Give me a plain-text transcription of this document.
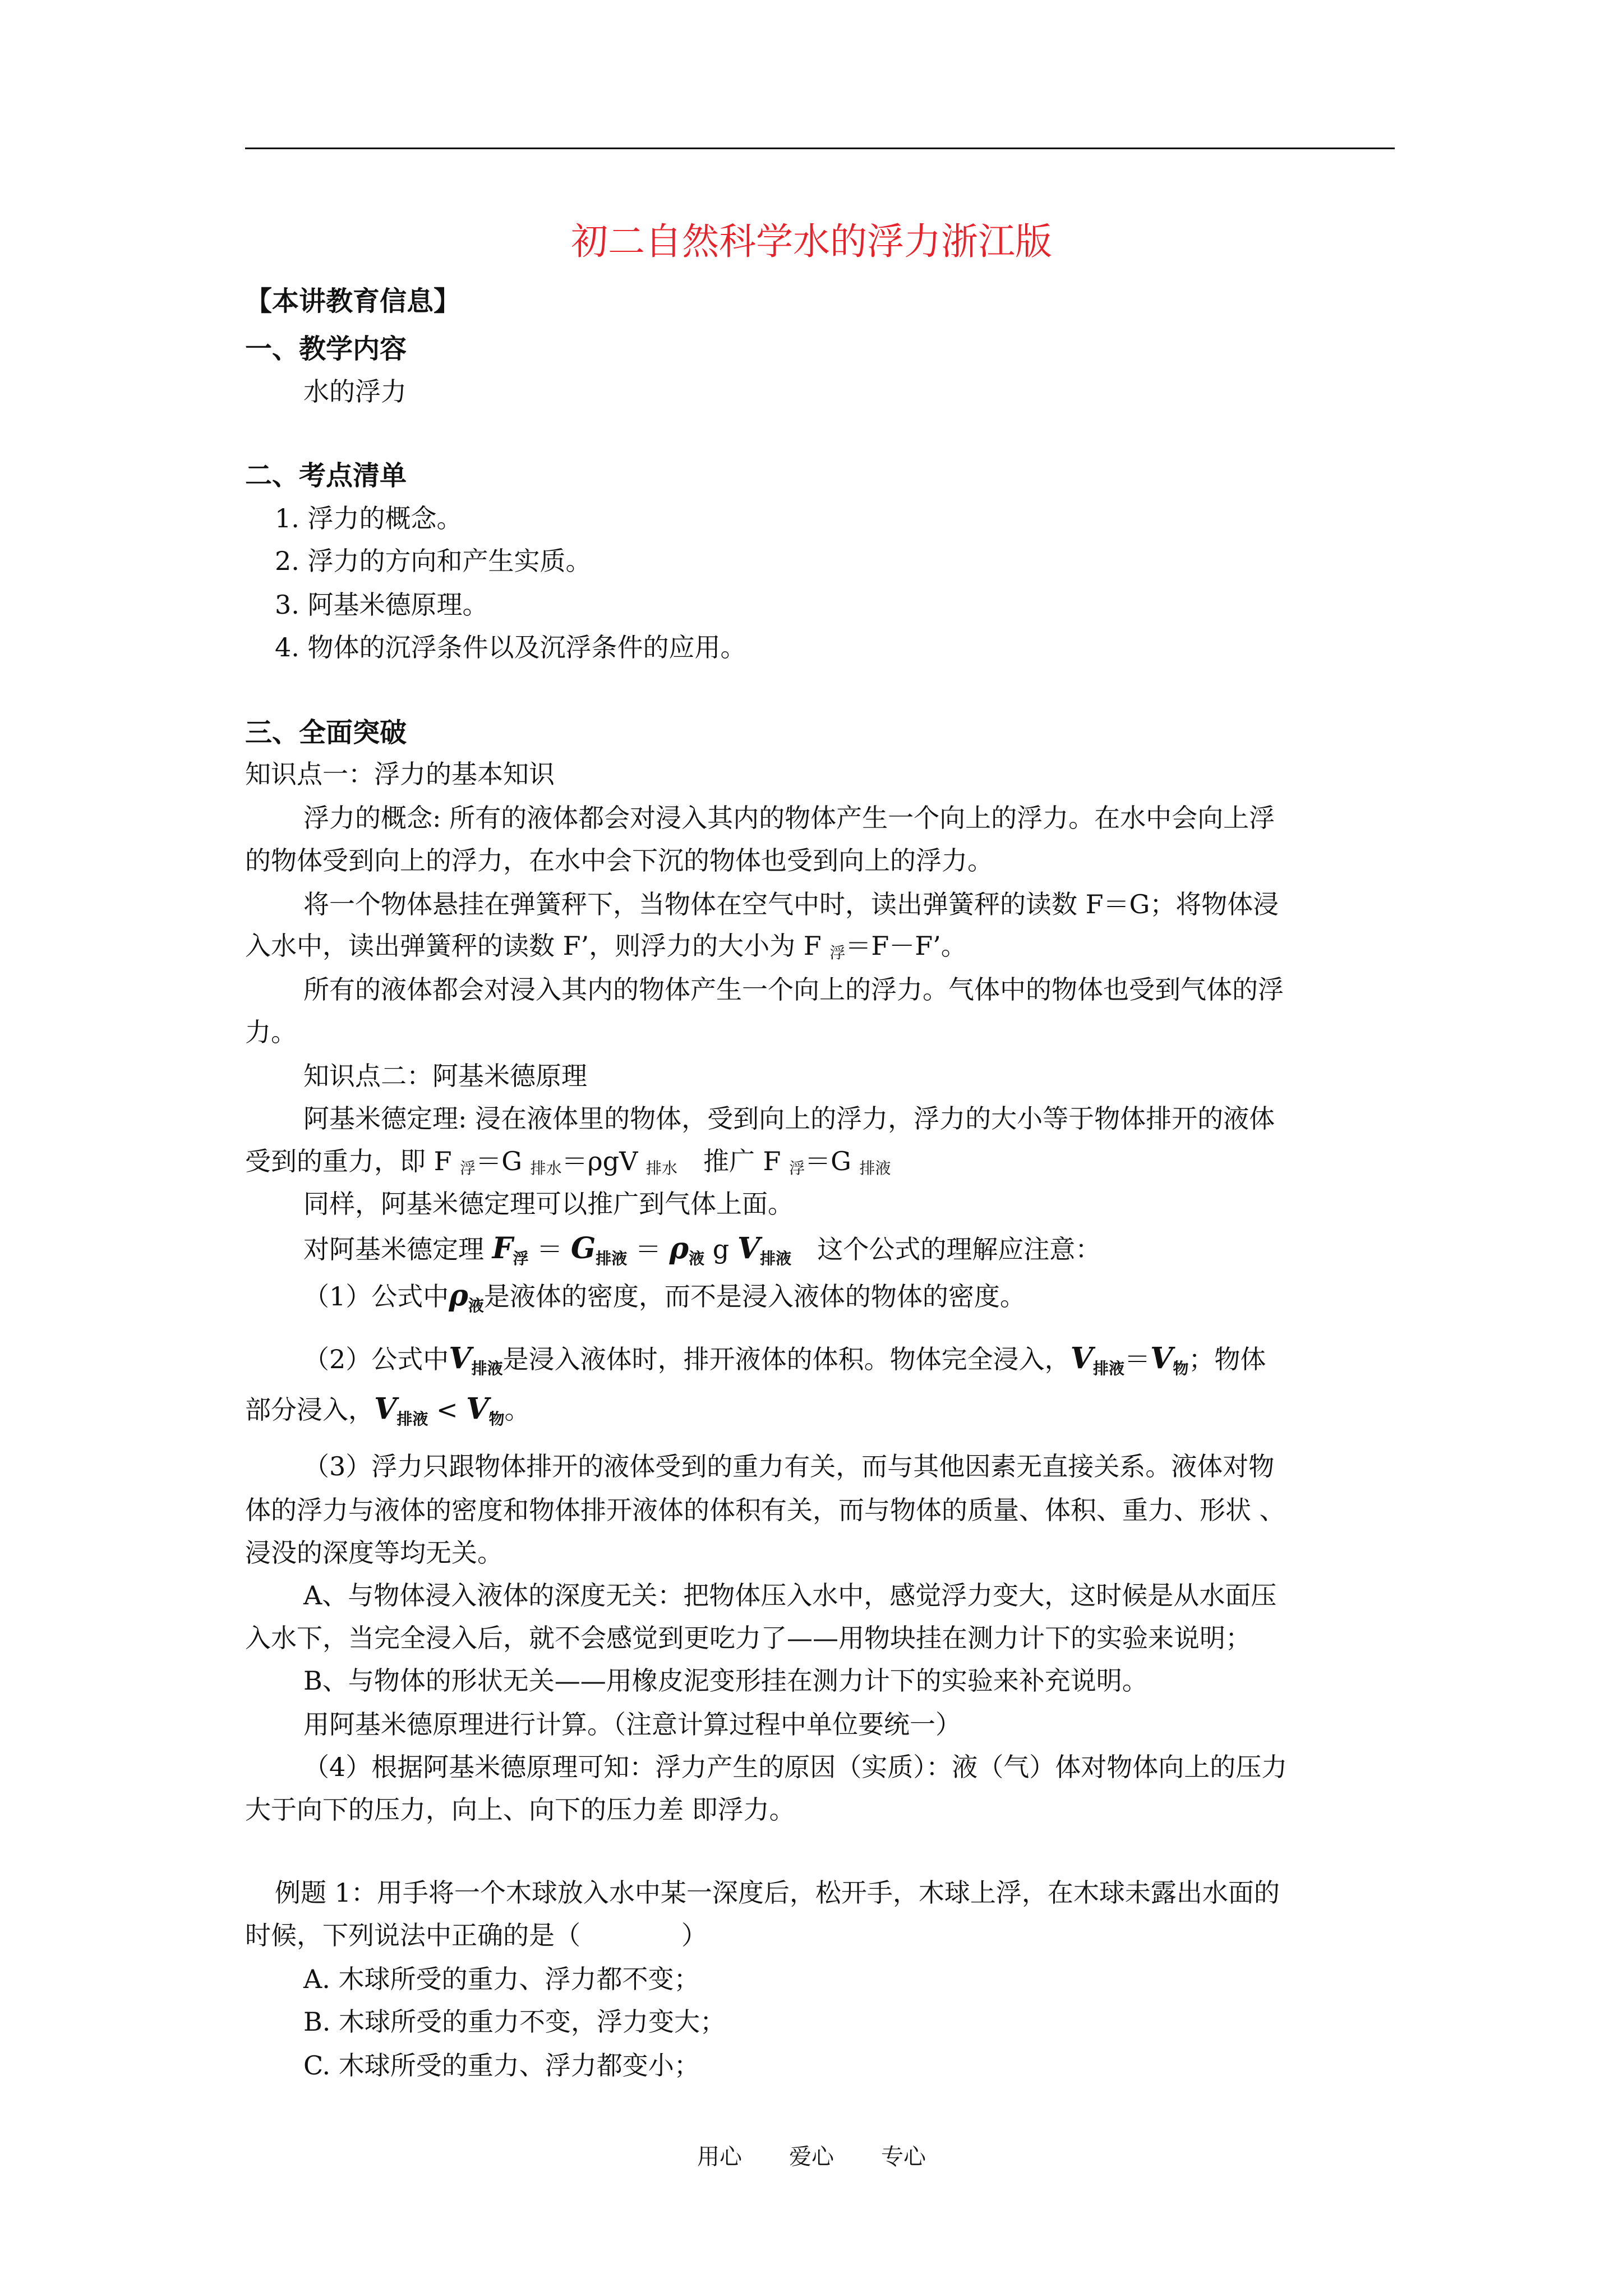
初二自然科学水的浮力浙江版
【本讲教育信息】
一、教学内容
水的浮力
二、考点清单
1. 浮力的概念。
2. 浮力的方向和产生实质。
3. 阿基米德原理。
4. 物体的沉浮条件以及沉浮条件的应用。
三、全面突破
知识点一：浮力的基本知识
浮力的概念: 所有的液体都会对浸入其内的物体产生一个向上的浮力。在水中会向上浮
的物体受到向上的浮力，在水中会下沉的物体也受到向上的浮力。
将一个物体悬挂在弹簧秤下，当物体在空气中时，读出弹簧秤的读数 F＝G；将物体浸
入水中，读出弹簧秤的读数 F’，则浮力的大小为 F 浮＝F－F’。
所有的液体都会对浸入其内的物体产生一个向上的浮力。气体中的物体也受到气体的浮
力。
知识点二：阿基米德原理
阿基米德定理: 浸在液体里的物体，受到向上的浮力，浮力的大小等于物体排开的液体
受到的重力，即 F 浮＝G 排水＝ρgV 排水　推广 F 浮＝G 排液
同样，阿基米德定理可以推广到气体上面。
对阿基米德定理 $F_浮 = G_{排液} = \rho_液$ g $V_{排液}$　这个公式的理解应注意：
（1）公式中$\rho_液$是液体的密度，而不是浸入液体的物体的密度。
（2）公式中$V_{排液}$是浸入液体时，排开液体的体积。物体完全浸入，$V_{排液}=V_物$；物体
部分浸入，$V_{排液} < V_物$。
（3）浮力只跟物体排开的液体受到的重力有关，而与其他因素无直接关系。液体对物
体的浮力与液体的密度和物体排开液体的体积有关，而与物体的质量、体积、重力、形状 、
浸没的深度等均无关。
A、与物体浸入液体的深度无关：把物体压入水中，感觉浮力变大，这时候是从水面压
入水下，当完全浸入后，就不会感觉到更吃力了——用物块挂在测力计下的实验来说明；
B、与物体的形状无关——用橡皮泥变形挂在测力计下的实验来补充说明。
用阿基米德原理进行计算。（注意计算过程中单位要统一）
（4）根据阿基米德原理可知：浮力产生的原因（实质）：液（气）体对物体向上的压力
大于向下的压力，向上、向下的压力差 即浮力。
例题 1：用手将一个木球放入水中某一深度后，松开手，木球上浮，在木球未露出水面的
时候，下列说法中正确的是（	）
A. 木球所受的重力、浮力都不变；
B. 木球所受的重力不变，浮力变大；
C. 木球所受的重力、浮力都变小；
用心 爱心 专心
